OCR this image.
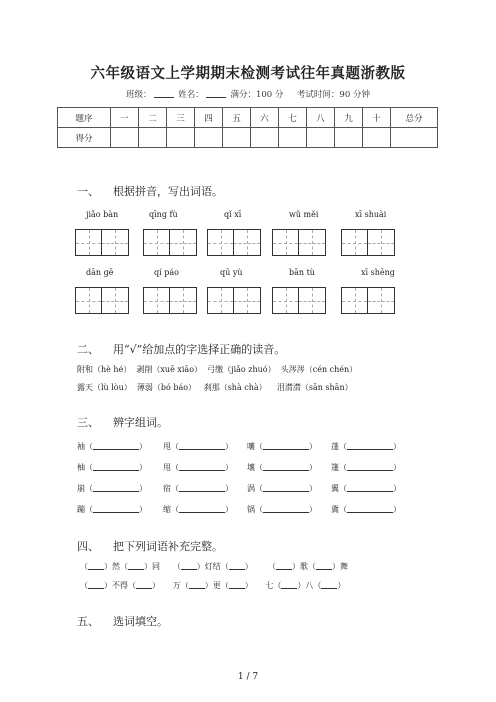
六年级语文上学期期末检测考试往年真题浙教版
班级：	姓名：	满分：100 分 考试时间：90 分钟
题序	一	二	三	四	五	六	七	八	九	十	总分
得分											
一、 根据拼音，写出词语。
jiǎo bàn	qīng fù	qǐ xī	wǔ měi	xī shuài
dān gē	qí páo	qū yù	bān tù	xī shēng
二、 用“√”给加点的字选择正确的读音。
附和（hè hé） 剥削（xuē xiāo） 弓缴（jiǎo zhuó） 头涔涔（cén chén）
露天（lù lòu） 薄弱（bó báo） 刹那（shà chà） 泪潸潸（sān shān）
三、 辨字组词。
袖（	） 甩（	） 嚷（	） 蓬（	）
柚（	） 甩（	） 壤（	） 篷（	）
崩（	） 宿（	） 涡（	） 翼（	）
蹦（	） 缩（	） 锅（	） 冀（	）
四、 把下列词语补充完整。
（ ）然（ ）同 （ ）灯结（ ） （ ）歌（ ）舞
（ ）不得（ ） 万（ ）更（ ） 七（ ）八（ ）
五、 选词填空。
1 / 7
